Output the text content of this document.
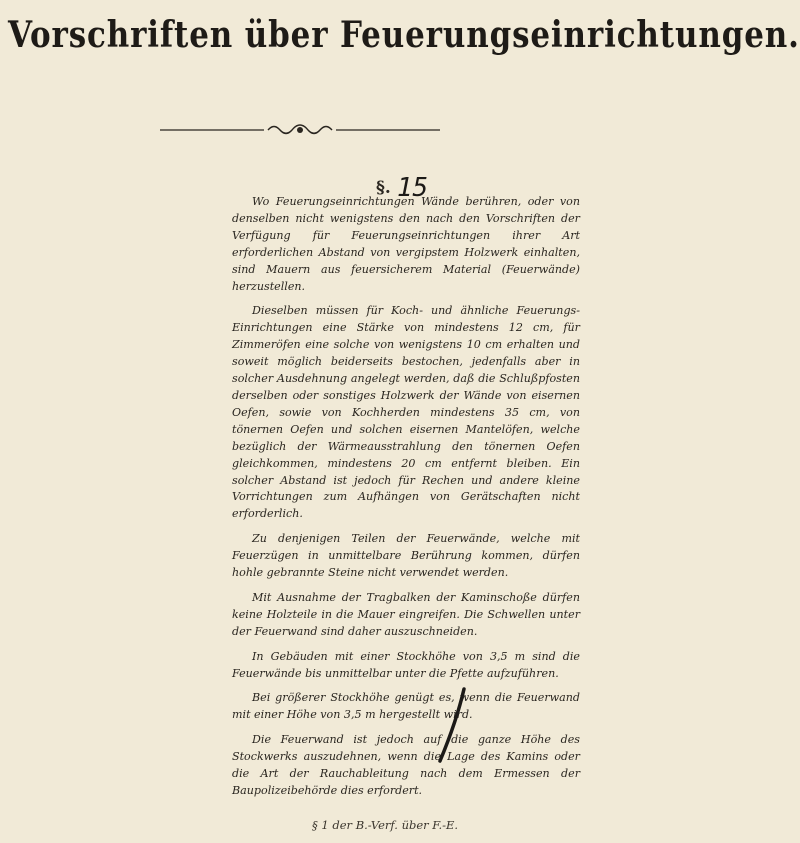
Vorschriften über Feuerungseinrichtungen.
§. 15

Wo Feuerungseinrichtungen Wände berühren, oder von denselben nicht wenigstens den nach den Vorschriften der Verfügung für Feuerungseinrichtungen ihrer Art erforderlichen Abstand von vergipstem Holzwerk einhalten, sind Mauern aus feuersicherem Material (Feuerwände) herzustellen.

Dieselben müssen für Koch- und ähnliche Feuerungs-Einrichtungen eine Stärke von mindestens 12 cm, für Zimmeröfen eine solche von wenigstens 10 cm erhalten und soweit möglich beiderseits bestochen, jedenfalls aber in solcher Ausdehnung angelegt werden, daß die Schlußpfosten derselben oder sonstiges Holzwerk der Wände von eisernen Oefen, sowie von Kochherden mindestens 35 cm, von tönernen Oefen und solchen eisernen Mantelöfen, welche bezüglich der Wärmeausstrahlung den tönernen Oefen gleichkommen, mindestens 20 cm entfernt bleiben. Ein solcher Abstand ist jedoch für Rechen und andere kleine Vorrichtungen zum Aufhängen von Gerätschaften nicht erforderlich.

Zu denjenigen Teilen der Feuerwände, welche mit Feuerzügen in unmittelbare Berührung kommen, dürfen hohle gebrannte Steine nicht verwendet werden.

Mit Ausnahme der Tragbalken der Kaminschoße dürfen keine Holzteile in die Mauer eingreifen. Die Schwellen unter der Feuerwand sind daher auszuschneiden.

In Gebäuden mit einer Stockhöhe von 3,5 m sind die Feuerwände bis unmittelbar unter die Pfette aufzuführen.

Bei größerer Stockhöhe genügt es, wenn die Feuerwand mit einer Höhe von 3,5 m hergestellt wird.

Die Feuerwand ist jedoch auf die ganze Höhe des Stockwerks auszudehnen, wenn die Lage des Kamins oder die Art der Rauchableitung nach dem Ermessen der Baupolizeibehörde dies erfordert.

§ 1 der B.-Verf. über F.-E.
